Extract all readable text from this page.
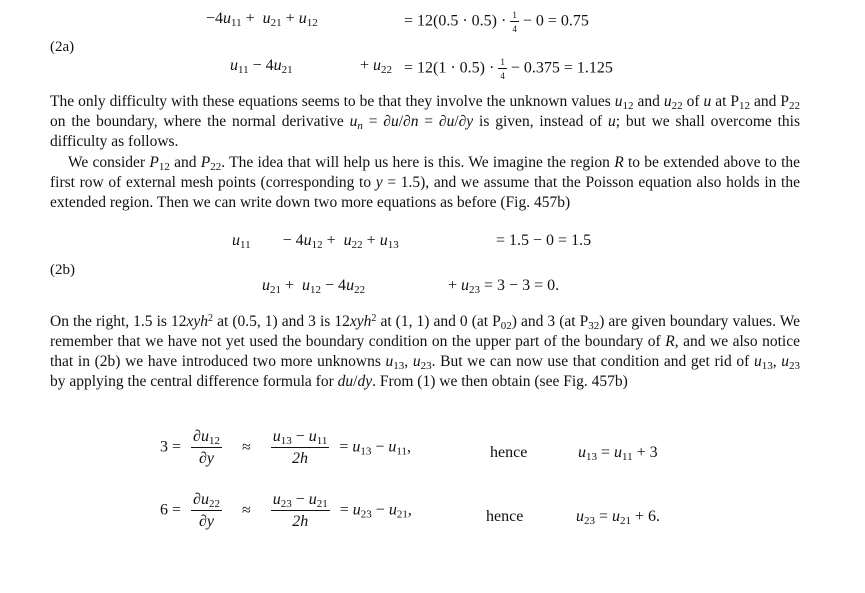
$-4u_{11} + u_{21} + u_{12}$	= $12(0.5 \cdot 0.5) \cdot \frac{1}{4} - 0 = 0.75$
(2a)
$u_{11} - 4u_{21}$	+ $u_{22} = 12(1 \cdot 0.5) \cdot \frac{1}{4} - 0.375 = 1.125$
The only difficulty with these equations seems to be that they involve the unknown values $u_{12}$ and $u_{22}$ of u at $P_{12}$ and $P_{22}$ on the boundary, where the normal derivative $u_n = \partial u/\partial n = \partial u/\partial y$ is given, instead of u; but we shall overcome this difficulty as follows.
We consider $P_{12}$ and $P_{22}$. The idea that will help us here is this. We imagine the region R to be extended above to the first row of external mesh points (corresponding to y = 1.5), and we assume that the Poisson equation also holds in the extended region. Then we can write down two more equations as before (Fig. 457b)
$u_{11}$        − $4u_{12} + u_{22} + u_{13}$	= 1.5 − 0 = 1.5
(2b)
$u_{21} + u_{12} - 4u_{22}$	+ $u_{23} = 3 - 3 = 0$.
On the right, 1.5 is 12xyh$^2$ at (0.5, 1) and 3 is 12xyh$^2$ at (1, 1) and 0 (at $P_{02}$) and 3 (at $P_{32}$) are given boundary values. We remember that we have not yet used the boundary condition on the upper part of the boundary of R, and we also notice that in (2b) we have introduced two more unknowns $u_{13}$, $u_{23}$. But we can now use that condition and get rid of $u_{13}$, $u_{23}$ by applying the central difference formula for du/dy. From (1) we then obtain (see Fig. 457b)
$3 = \frac{\partial u_{12}}{\partial y} \approx \frac{u_{13} - u_{11}}{2h} = u_{13} - u_{11}$,	hence	$u_{13} = u_{11} + 3$
$6 = \frac{\partial u_{22}}{\partial y} \approx \frac{u_{23} - u_{21}}{2h} = u_{23} - u_{21}$,	hence	$u_{23} = u_{21} + 6$.
